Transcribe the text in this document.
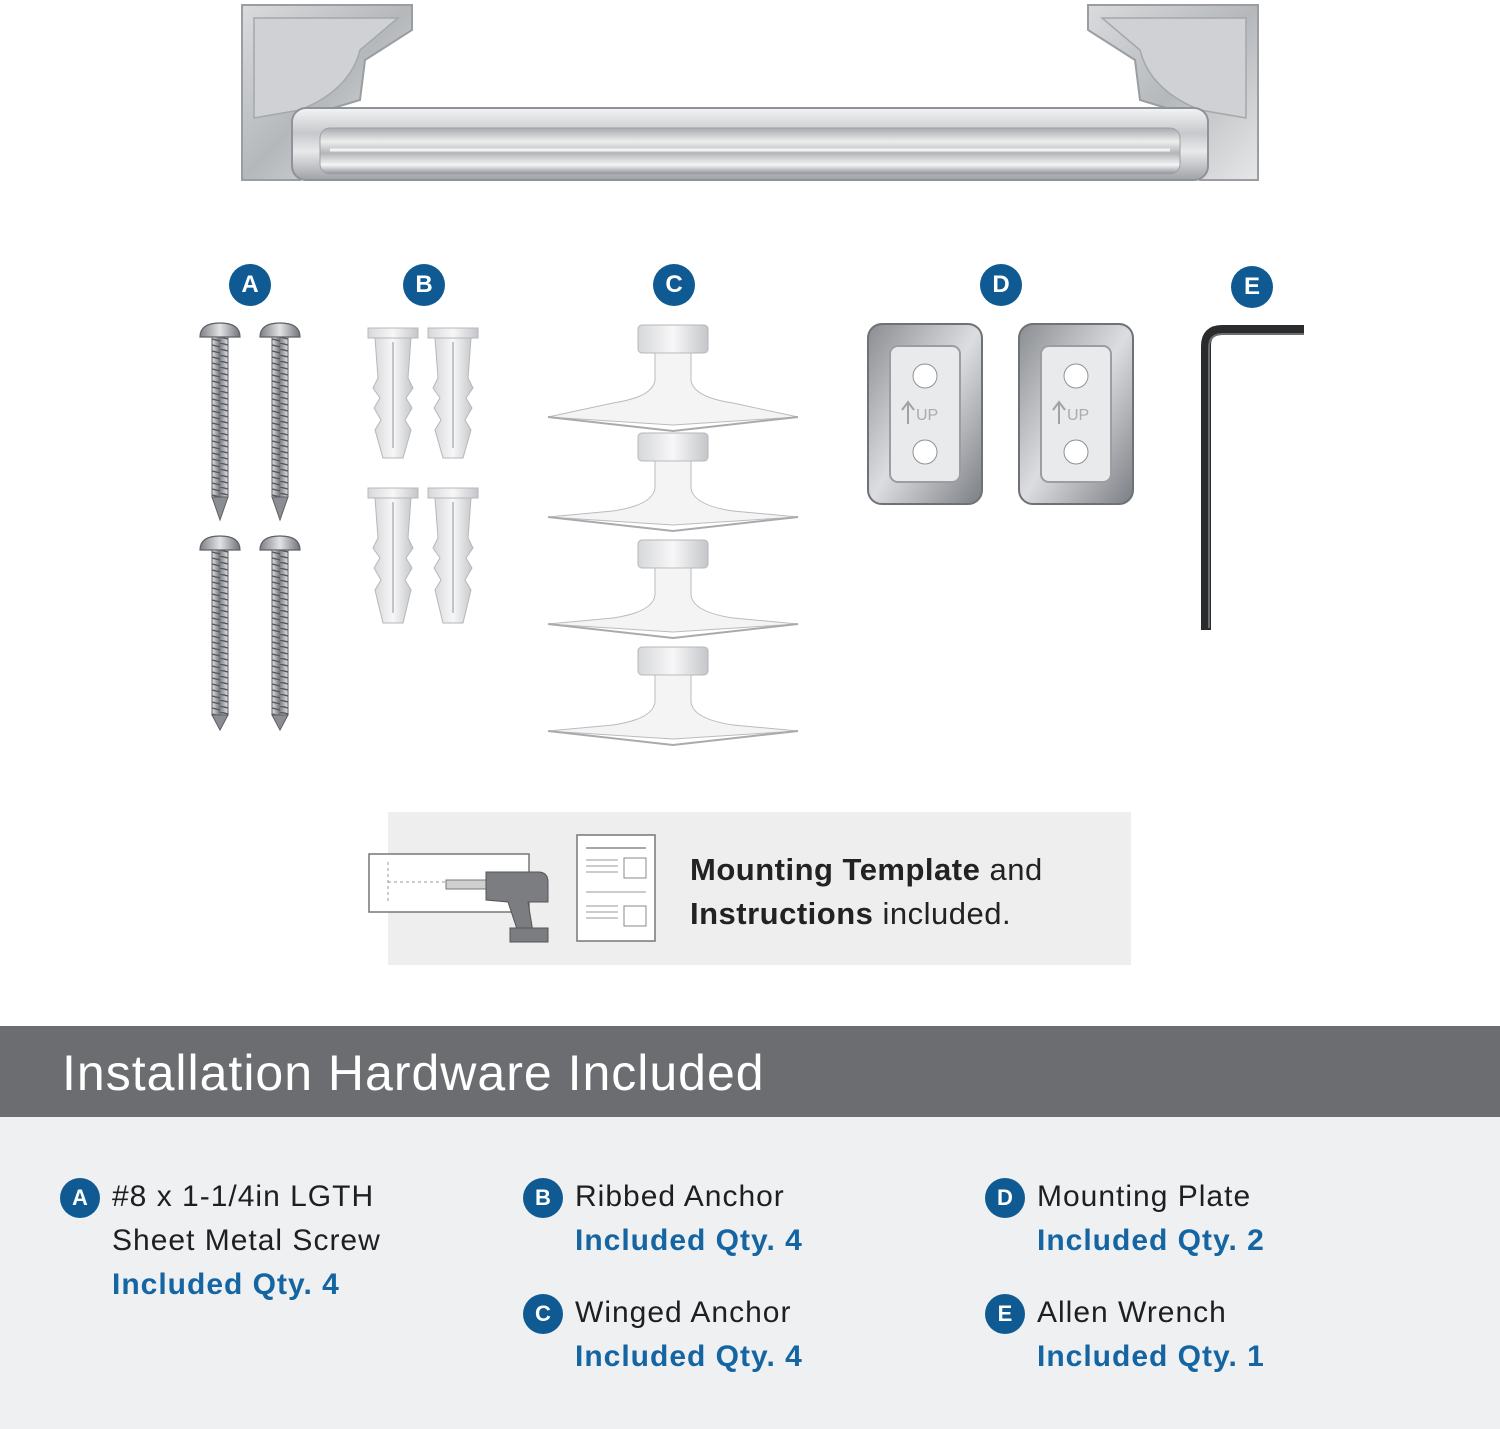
A	B	C	D	E
UP	UP
Mounting Template and
Instructions included.
Installation Hardware Included
A #8 x 1-1/4in LGTH
Sheet Metal Screw
Included Qty. 4
B Ribbed Anchor
Included Qty. 4
C Winged Anchor
Included Qty. 4
D Mounting Plate
Included Qty. 2
E Allen Wrench
Included Qty. 1
